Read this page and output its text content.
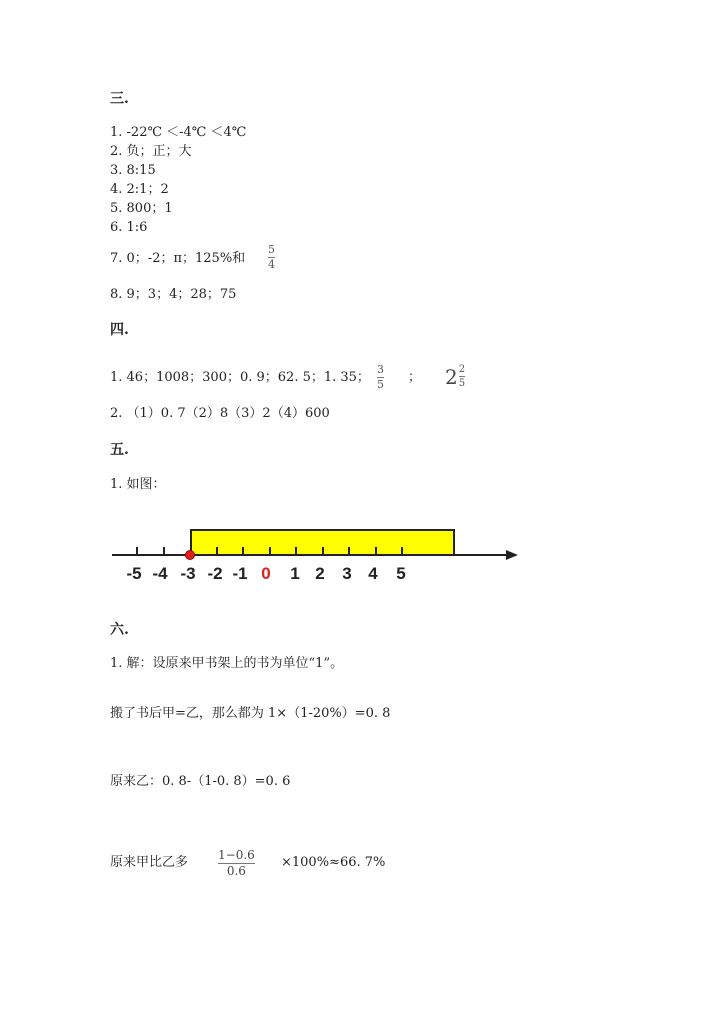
三.
1. -22℃ ＜-4℃ ＜4℃
2. 负；正；大
3. 8:15
4. 2:1；2
5. 800；1
6. 1:6
7. 0；-2；π；125%和
5
4
8. 9；3；4；28；75
四.
1. 46；1008；300；0. 9；62. 5；1. 35；
3
5 ； $2 \frac{2}{5}$
2. （1）0. 7（2）8（3）2（4）600
五.
1. 如图：
-5 -4 -3 -2 -1 0 1 2 3 4 5
六.
1. 解：设原来甲书架上的书为单位“1”。
搬了书后甲=乙，那么都为 1×（1-20%）=0. 8
原来乙：0. 8-（1-0. 8）=0. 6
原来甲比乙多 1−0.6
0.6
×100%≈66. 7%
